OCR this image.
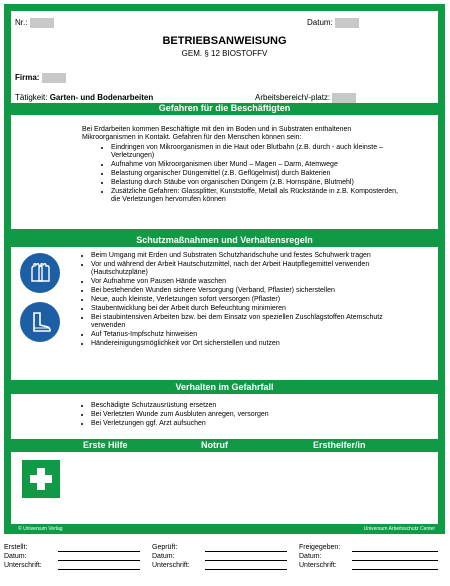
Nr.:	Datum:
BETRIEBSANWEISUNG
GEM. § 12 BIOSTOFFV
Firma:
Tätigkeit: Garten- und Bodenarbeiten	Arbeitsbereich/-platz:
Gefahren für die Beschäftigten
Bei Erdarbeiten kommen Beschäftigte mit den im Boden und in Substraten enthaltenen Mikroorganismen in Kontakt. Gefahren für den Menschen können sein:
• Eindringen von Mikroorganismen in die Haut oder Blutbahn (z.B. durch - auch kleinste – Verletzungen)
• Aufnahme von Mikroorganismen über Mund – Magen – Darm, Atemwege
• Belastung organischer Düngemittel (z.B. Geflügelmist) durch Bakterien
• Belastung durch Stäube von organischen Düngern (z.B. Hornspäne, Blutmehl)
• Zusätzliche Gefahren: Glassplitter, Kunststoffe, Metall als Rückstände in z.B. Komposterden, die Verletzungen hervorrufen können
Schutzmaßnahmen und Verhaltensregeln
• Beim Umgang mit Erden und Substraten Schutzhandschuhe und festes Schuhwerk tragen
• Vor und während der Arbeit Hautschutzmittel, nach der Arbeit Hautpflegemittel verwenden (Hautschutzpläne)
• Vor Aufnahme von Pausen Hände waschen
• Bei bestehenden Wunden sichere Versorgung (Verband, Pflaster) sicherstellen
• Neue, auch kleinste, Verletzungen sofort versorgen (Pflaster)
• Staubentwicklung bei der Arbeit durch Befeuchtung minimieren
• Bei staubintensiven Arbeiten bzw. bei dem Einsatz von speziellen Zuschlagstoffen Atemschutz verwenden
• Auf Tetanus-Impfschutz hinweisen
• Händereinigungsmöglichkeit vor Ort sicherstellen und nutzen
Verhalten im Gefahrfall
• Beschädigte Schutzausrüstung ersetzen
• Bei Verletzten Wunde zum Ausbluten anregen, versorgen
• Bei Verletzungen ggf. Arzt aufsuchen
Erste Hilfe	Notruf	Ersthelfer/in
© Universum Verlag	Universum Arbeitsschutz Center
Erstellt:
Datum:
Unterschrift:
Geprüft:
Datum:
Unterschrift:
Freigegeben:
Datum:
Unterschrift:
